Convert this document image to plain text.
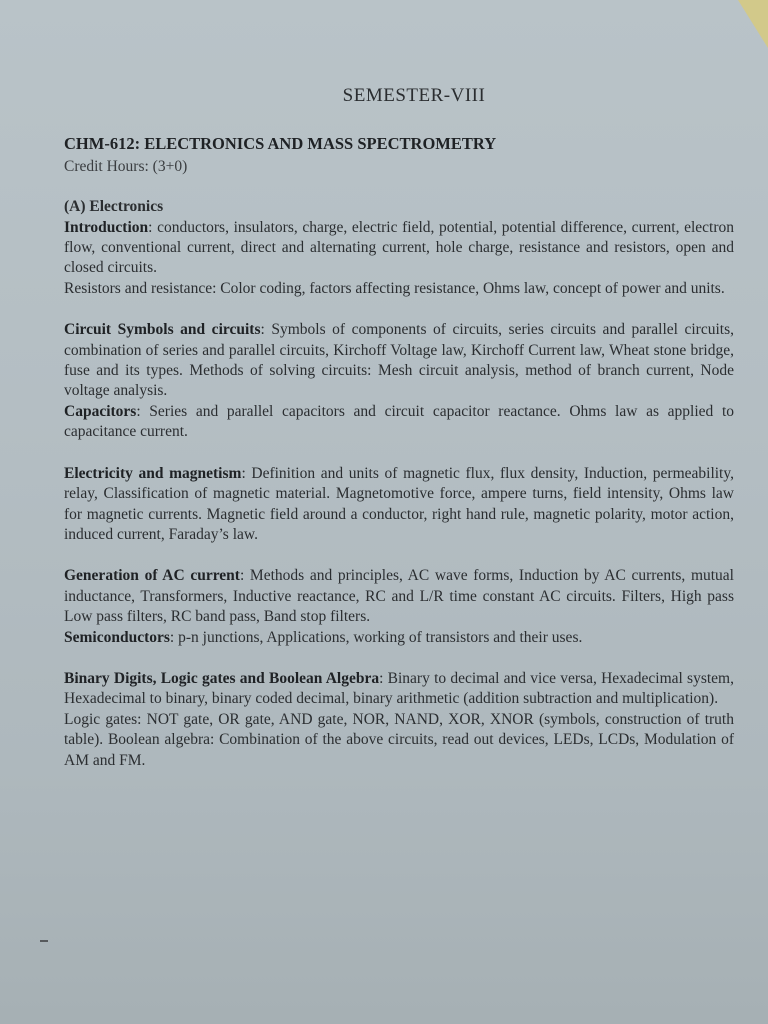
SEMESTER-VIII
CHM-612: ELECTRONICS AND MASS SPECTROMETRY
Credit Hours: (3+0)
(A) Electronics

Introduction: conductors, insulators, charge, electric field, potential, potential difference, current, electron flow, conventional current, direct and alternating current, hole charge, resistance and resistors, open and closed circuits.

Resistors and resistance: Color coding, factors affecting resistance, Ohms law, concept of power and units.

Circuit Symbols and circuits: Symbols of components of circuits, series circuits and parallel circuits, combination of series and parallel circuits, Kirchoff Voltage law, Kirchoff Current law, Wheat stone bridge, fuse and its types. Methods of solving circuits: Mesh circuit analysis, method of branch current, Node voltage analysis.

Capacitors: Series and parallel capacitors and circuit capacitor reactance. Ohms law as applied to capacitance current.

Electricity and magnetism: Definition and units of magnetic flux, flux density, Induction, permeability, relay, Classification of magnetic material. Magnetomotive force, ampere turns, field intensity, Ohms law for magnetic currents. Magnetic field around a conductor, right hand rule, magnetic polarity, motor action, induced current, Faraday’s law.

Generation of AC current: Methods and principles, AC wave forms, Induction by AC currents, mutual inductance, Transformers, Inductive reactance, RC and L/R time constant AC circuits. Filters, High pass Low pass filters, RC band pass, Band stop filters.

Semiconductors: p-n junctions, Applications, working of transistors and their uses.

Binary Digits, Logic gates and Boolean Algebra: Binary to decimal and vice versa, Hexadecimal system, Hexadecimal to binary, binary coded decimal, binary arithmetic (addition subtraction and multiplication).

Logic gates: NOT gate, OR gate, AND gate, NOR, NAND, XOR, XNOR (symbols, construction of truth table). Boolean algebra: Combination of the above circuits, read out devices, LEDs, LCDs, Modulation of AM and FM.
